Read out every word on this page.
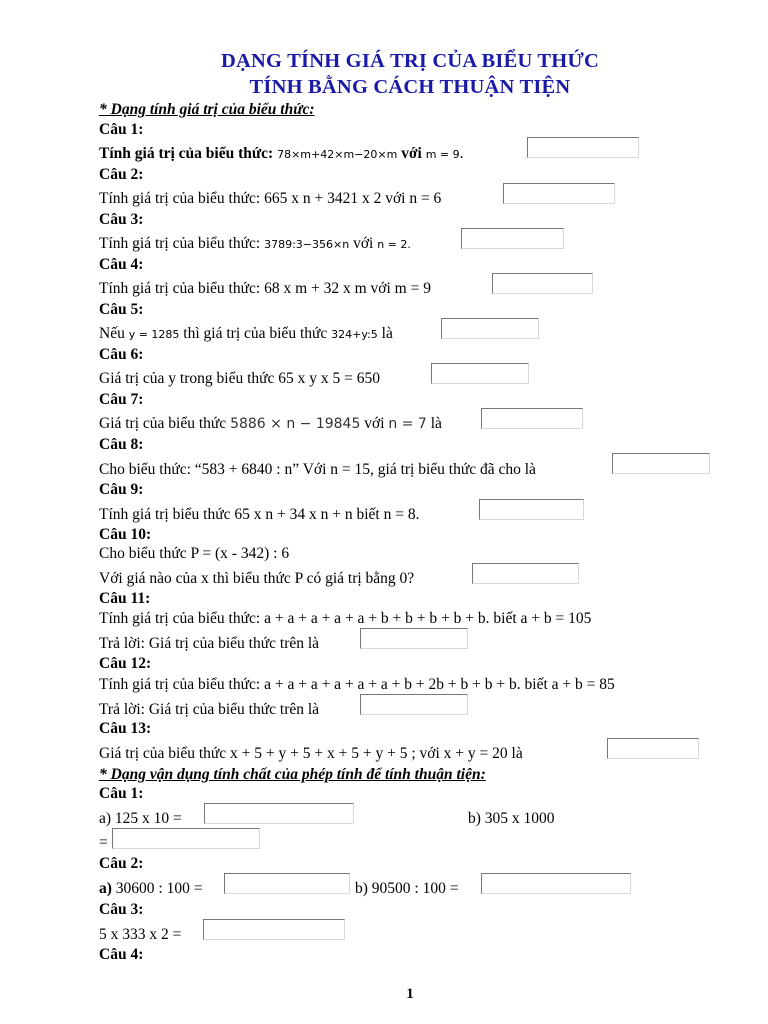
DẠNG TÍNH GIÁ TRỊ CỦA BIỂU THỨC
TÍNH BẰNG CÁCH THUẬN TIỆN
* Dạng tính giá trị của biểu thức:
Câu 1:
Tính giá trị của biểu thức: 78×m+42×m−20×m với m = 9.
Câu 2:
Tính giá trị của biểu thức: 665 x n + 3421 x 2 với n = 6
Câu 3:
Tính giá trị của biểu thức: 3789:3−356×n với n = 2.
Câu 4:
Tính giá trị của biểu thức: 68 x m + 32 x m với m = 9
Câu 5:
Nếu y = 1285 thì giá trị của biểu thức 324+y:5 là
Câu 6:
Giá trị của y trong biểu thức 65 x y x 5 = 650
Câu 7:
Giá trị của biểu thức 5886 × n − 19845 với n = 7 là
Câu 8:
Cho biểu thức: “583 + 6840 : n” Với n = 15, giá trị biểu thức đã cho là
Câu 9:
Tính giá trị biểu thức 65 x n + 34 x n + n biết n = 8.
Câu 10:
Cho biểu thức P = (x - 342) : 6
Với giá nào của x thì biểu thức P có giá trị bằng 0?
Câu 11:
Tính giá trị của biểu thức: a + a + a + a + a + b + b + b + b + b. biết a + b = 105
Trả lời: Giá trị của biểu thức trên là
Câu 12:
Tính giá trị của biểu thức: a + a + a + a + a + a + b + 2b + b + b + b. biết a + b = 85
Trả lời: Giá trị của biểu thức trên là
Câu 13:
Giá trị của biểu thức x + 5 + y + 5 + x + 5 + y + 5 ; với x + y = 20 là
* Dạng vận dụng tính chất của phép tính để tính thuận tiện:
Câu 1:
a) 125 x 10 =	b) 305 x 1000
=
Câu 2:
a) 30600 : 100 =	b) 90500 : 100 =
Câu 3:
5 x 333 x 2 =
Câu 4:
1
